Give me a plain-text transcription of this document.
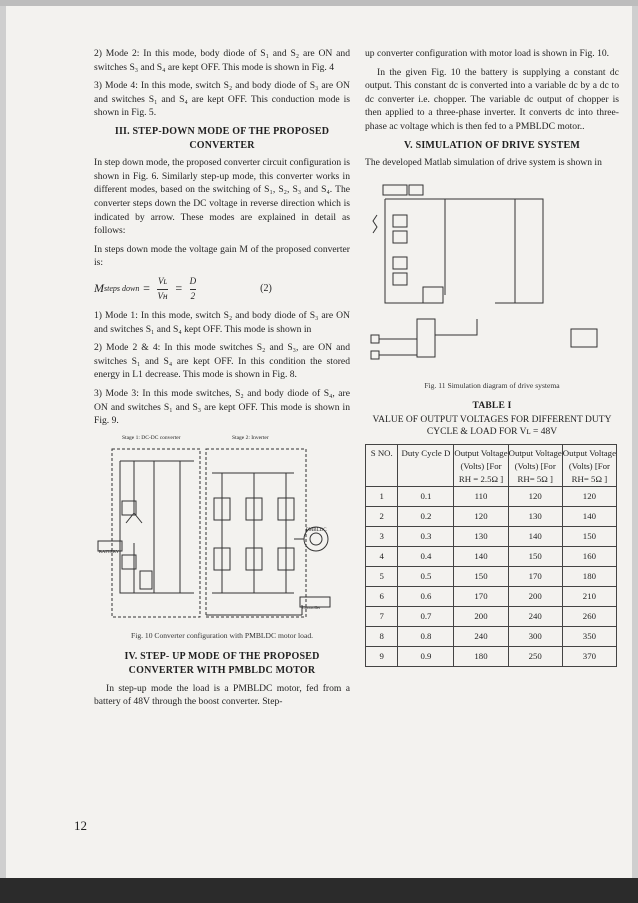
2) Mode 2: In this mode, body diode of S₁ and S₂ are ON and switches S₃ and S₄ are kept OFF. This mode is shown in Fig. 4

3) Mode 4: In this mode, switch S₂ and body diode of S₃ are ON and switches S₁ and S₄ are kept OFF. This conduction mode is shown in Fig. 5.

III. STEP-DOWN MODE OF THE PROPOSED CONVERTER

In step down mode, the proposed converter circuit configuration is shown in Fig. 6. Similarly step-up mode, this converter works in different modes, based on the switching of S₁, S₂, S₃ and S₄. The converter steps down the DC voltage in reverse direction which is indicated by arrow. These modes are explained in detail as follows:

In steps down mode the voltage gain M of the proposed converter is:

M steps down = $\frac{\text{Vʟ}}{\text{Vʜ}} = \frac{D}{2}$	(2)

1) Mode 1: In this mode, switch S₂ and body diode of S₃ are ON and switches S₁ and S₄ kept OFF. This mode is shown in

2) Mode 2 & 4: In this mode switches S₂ and S₃, are ON and switches S₁ and S₄ are kept OFF. In this condition the stored energy in L1 decrease. This mode is shown in Fig. 8.

3) Mode 3: In this mode switches, S₂ and body diode of S₄, are ON and switches S₁ and S₃ are kept OFF. This mode is shown in Fig. 9.

Stage 1: DC-DC converter	Stage 2: Inverter
BATTERY
PMBLDC
Controller
Fig. 10 Converter configuration with PMBLDC motor load.
IV. STEP- UP MODE OF THE PROPOSED CONVERTER WITH PMBLDC MOTOR

In step-up mode the load is a PMBLDC motor, fed from a battery of 48V through the boost converter. Step-

up converter configuration with motor load is shown in Fig. 10.

In the given Fig. 10 the battery is supplying a constant dc output. This constant dc is converted into a variable dc by a dc to dc converter i.e. chopper. The variable dc output of chopper is then applied to a three-phase inverter. It converts dc into three-phase ac voltage which is then fed to a PMBLDC motor..

V. SIMULATION OF DRIVE SYSTEM

The developed Matlab simulation of drive system is shown in

Fig. 11 Simulation diagram of drive systema
TABLE I
VALUE OF OUTPUT VOLTAGES FOR DIFFERENT DUTY CYCLE & LOAD FOR Vʟ = 48V
S NO.	Duty Cycle D	Output Voltage (Volts) [For RH = 2.5Ω ]	Output Voltage (Volts) [For RH= 5Ω ]	Output Voltage (Volts) [For RH= 5Ω ]
1	0.1	110	120	120
2	0.2	120	130	140
3	0.3	130	140	150
4	0.4	140	150	160
5	0.5	150	170	180
6	0.6	170	200	210
7	0.7	200	240	260
8	0.8	240	300	350
9	0.9	180	250	370
12
